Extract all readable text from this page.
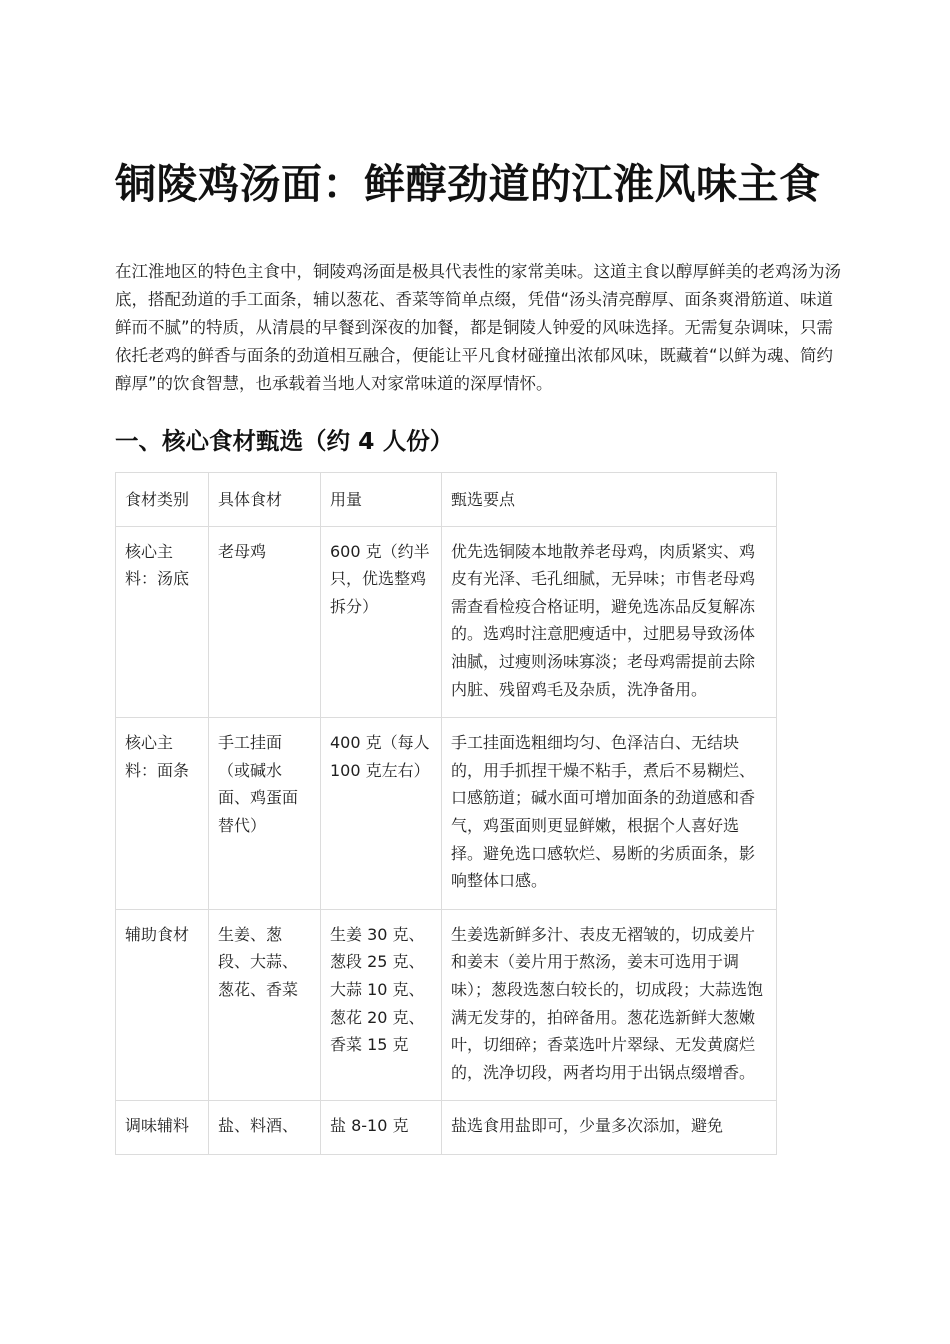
铜陵鸡汤面：鲜醇劲道的江淮风味主食

在江淮地区的特色主食中，铜陵鸡汤面是极具代表性的家常美味。这道主食以醇厚鲜美的老鸡汤为汤底，搭配劲道的手工面条，辅以葱花、香菜等简单点缀，凭借“汤头清亮醇厚、面条爽滑筋道、味道鲜而不腻”的特质，从清晨的早餐到深夜的加餐，都是铜陵人钟爱的风味选择。无需复杂调味，只需依托老鸡的鲜香与面条的劲道相互融合，便能让平凡食材碰撞出浓郁风味，既藏着“以鲜为魂、简约醇厚”的饮食智慧，也承载着当地人对家常味道的深厚情怀。

一、核心食材甄选（约 4 人份）
食材类别	具体食材	用量	甄选要点
核心主料：汤底	老母鸡	600 克（约半只，优选整鸡拆分）	优先选铜陵本地散养老母鸡，肉质紧实、鸡皮有光泽、毛孔细腻，无异味；市售老母鸡需查看检疫合格证明，避免选冻品反复解冻的。选鸡时注意肥瘦适中，过肥易导致汤体油腻，过瘦则汤味寡淡；老母鸡需提前去除内脏、残留鸡毛及杂质，洗净备用。
核心主料：面条	手工挂面（或碱水面、鸡蛋面替代）	400 克（每人 100 克左右）	手工挂面选粗细均匀、色泽洁白、无结块的，用手抓捏干燥不粘手，煮后不易糊烂、口感筋道；碱水面可增加面条的劲道感和香气，鸡蛋面则更显鲜嫩，根据个人喜好选择。避免选口感软烂、易断的劣质面条，影响整体口感。
辅助食材	生姜、葱段、大蒜、葱花、香菜	生姜 30 克、葱段 25 克、大蒜 10 克、葱花 20 克、香菜 15 克	生姜选新鲜多汁、表皮无褶皱的，切成姜片和姜末（姜片用于熬汤，姜末可选用于调味）；葱段选葱白较长的，切成段；大蒜选饱满无发芽的，拍碎备用。葱花选新鲜大葱嫩叶，切细碎；香菜选叶片翠绿、无发黄腐烂的，洗净切段，两者均用于出锅点缀增香。
调味辅料	盐、料酒、	盐 8-10 克	盐选食用盐即可，少量多次添加，避免
